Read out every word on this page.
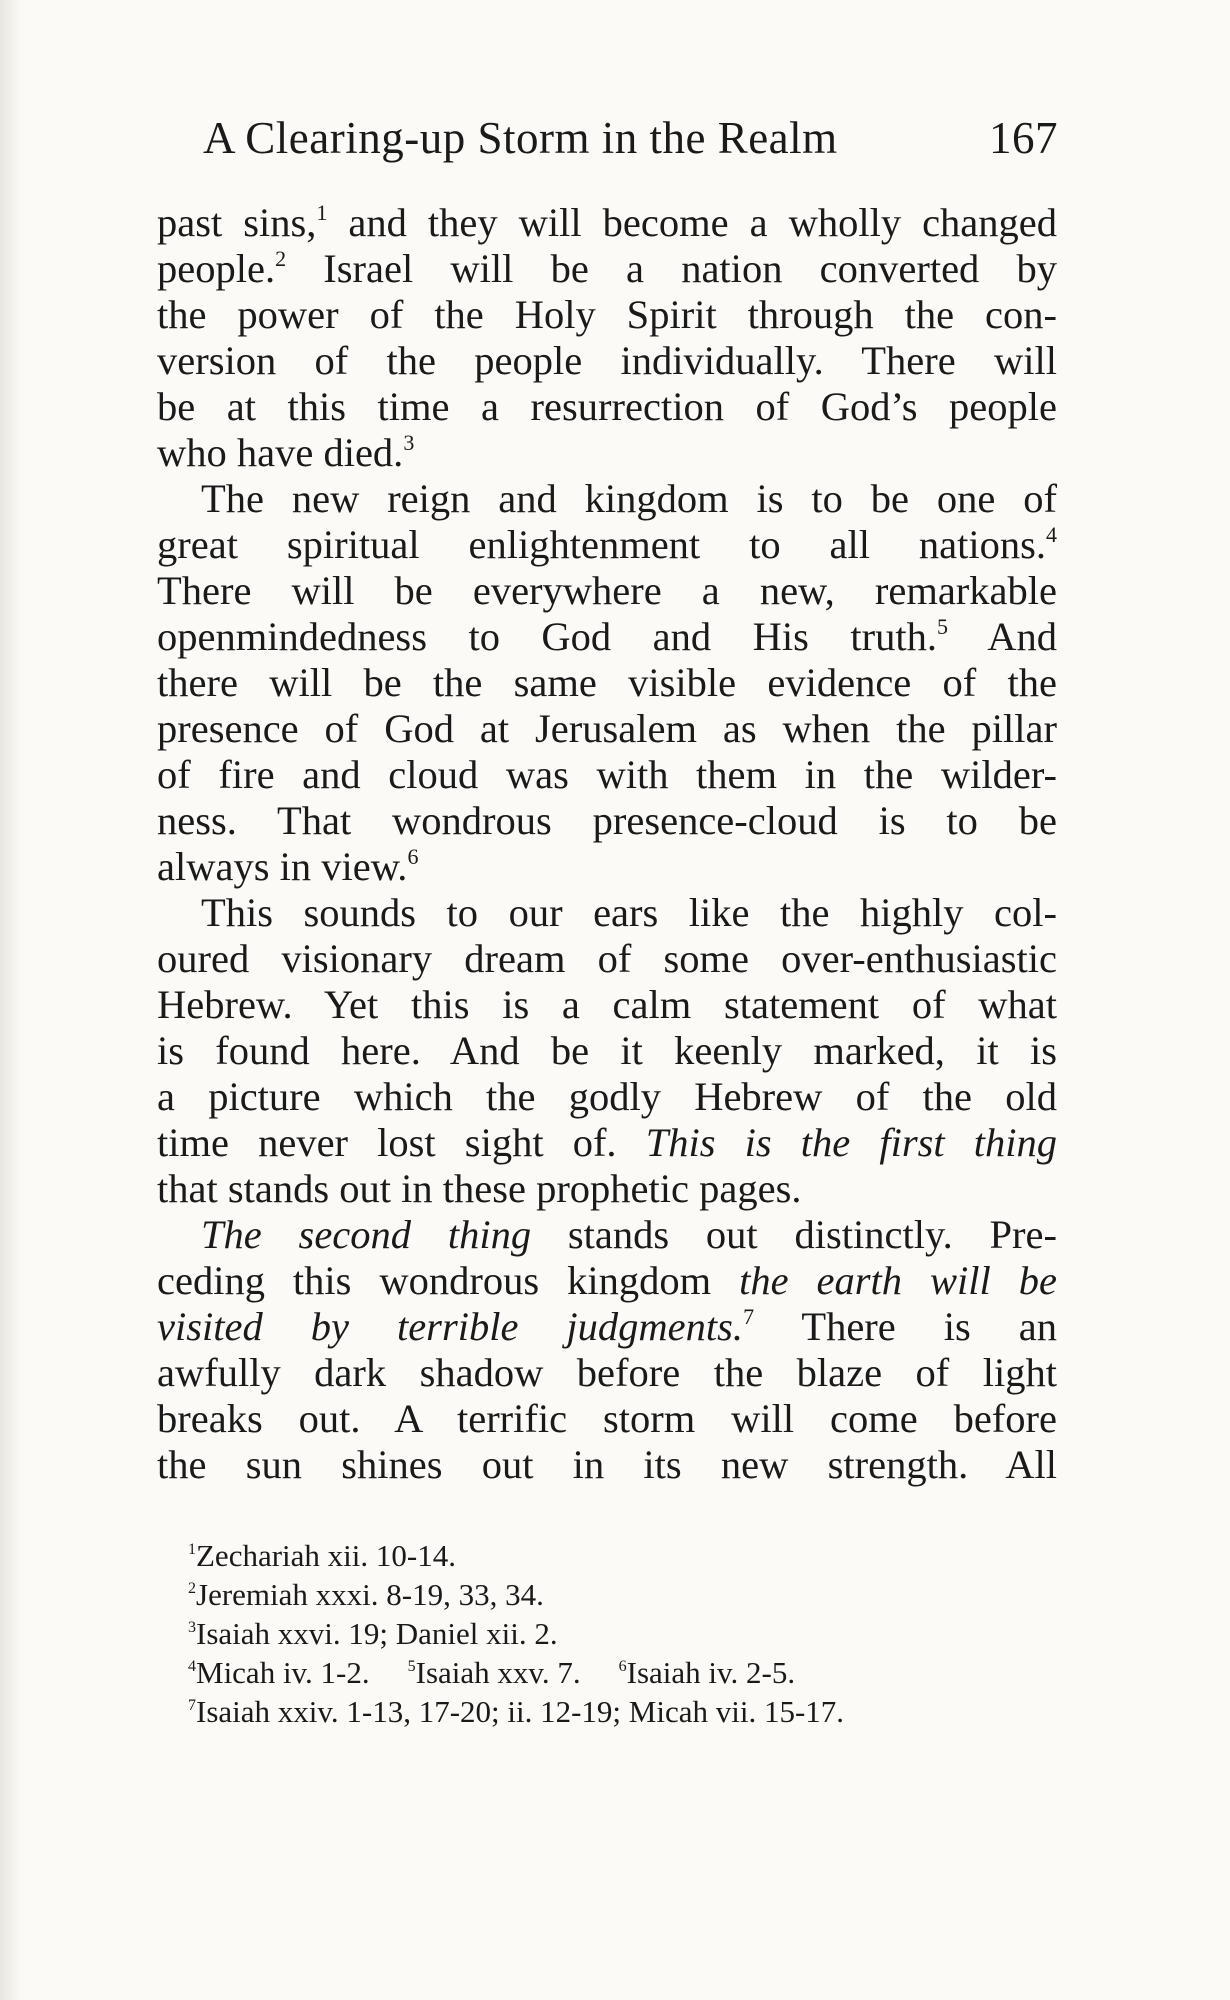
A Clearing-up Storm in the Realm	167
past sins,$^1$ and they will become a wholly changed
people.$^2$ Israel will be a nation converted by
the power of the Holy Spirit through the con-
version of the people individually. There will
be at this time a resurrection of God’s people
who have died.$^3$
The new reign and kingdom is to be one of
great spiritual enlightenment to all nations.$^4$
There will be everywhere a new, remarkable
openmindedness to God and His truth.$^5$ And
there will be the same visible evidence of the
presence of God at Jerusalem as when the pillar
of fire and cloud was with them in the wilder-
ness. That wondrous presence-cloud is to be
always in view.$^6$
This sounds to our ears like the highly col-
oured visionary dream of some over-enthusiastic
Hebrew. Yet this is a calm statement of what
is found here. And be it keenly marked, it is
a picture which the godly Hebrew of the old
time never lost sight of. This is the first thing
that stands out in these prophetic pages.
The second thing stands out distinctly. Pre-
ceding this wondrous kingdom the earth will be
visited by terrible judgments.$^7$ There is an
awfully dark shadow before the blaze of light
breaks out. A terrific storm will come before
the sun shines out in its new strength. All
$^1$Zechariah xii. 10-14.
$^2$Jeremiah xxxi. 8-19, 33, 34.
$^3$Isaiah xxvi. 19; Daniel xii. 2.
$^4$Micah iv. 1-2. $^5$Isaiah xxv. 7. $^6$Isaiah iv. 2-5.
$^7$Isaiah xxiv. 1-13, 17-20; ii. 12-19; Micah vii. 15-17.
